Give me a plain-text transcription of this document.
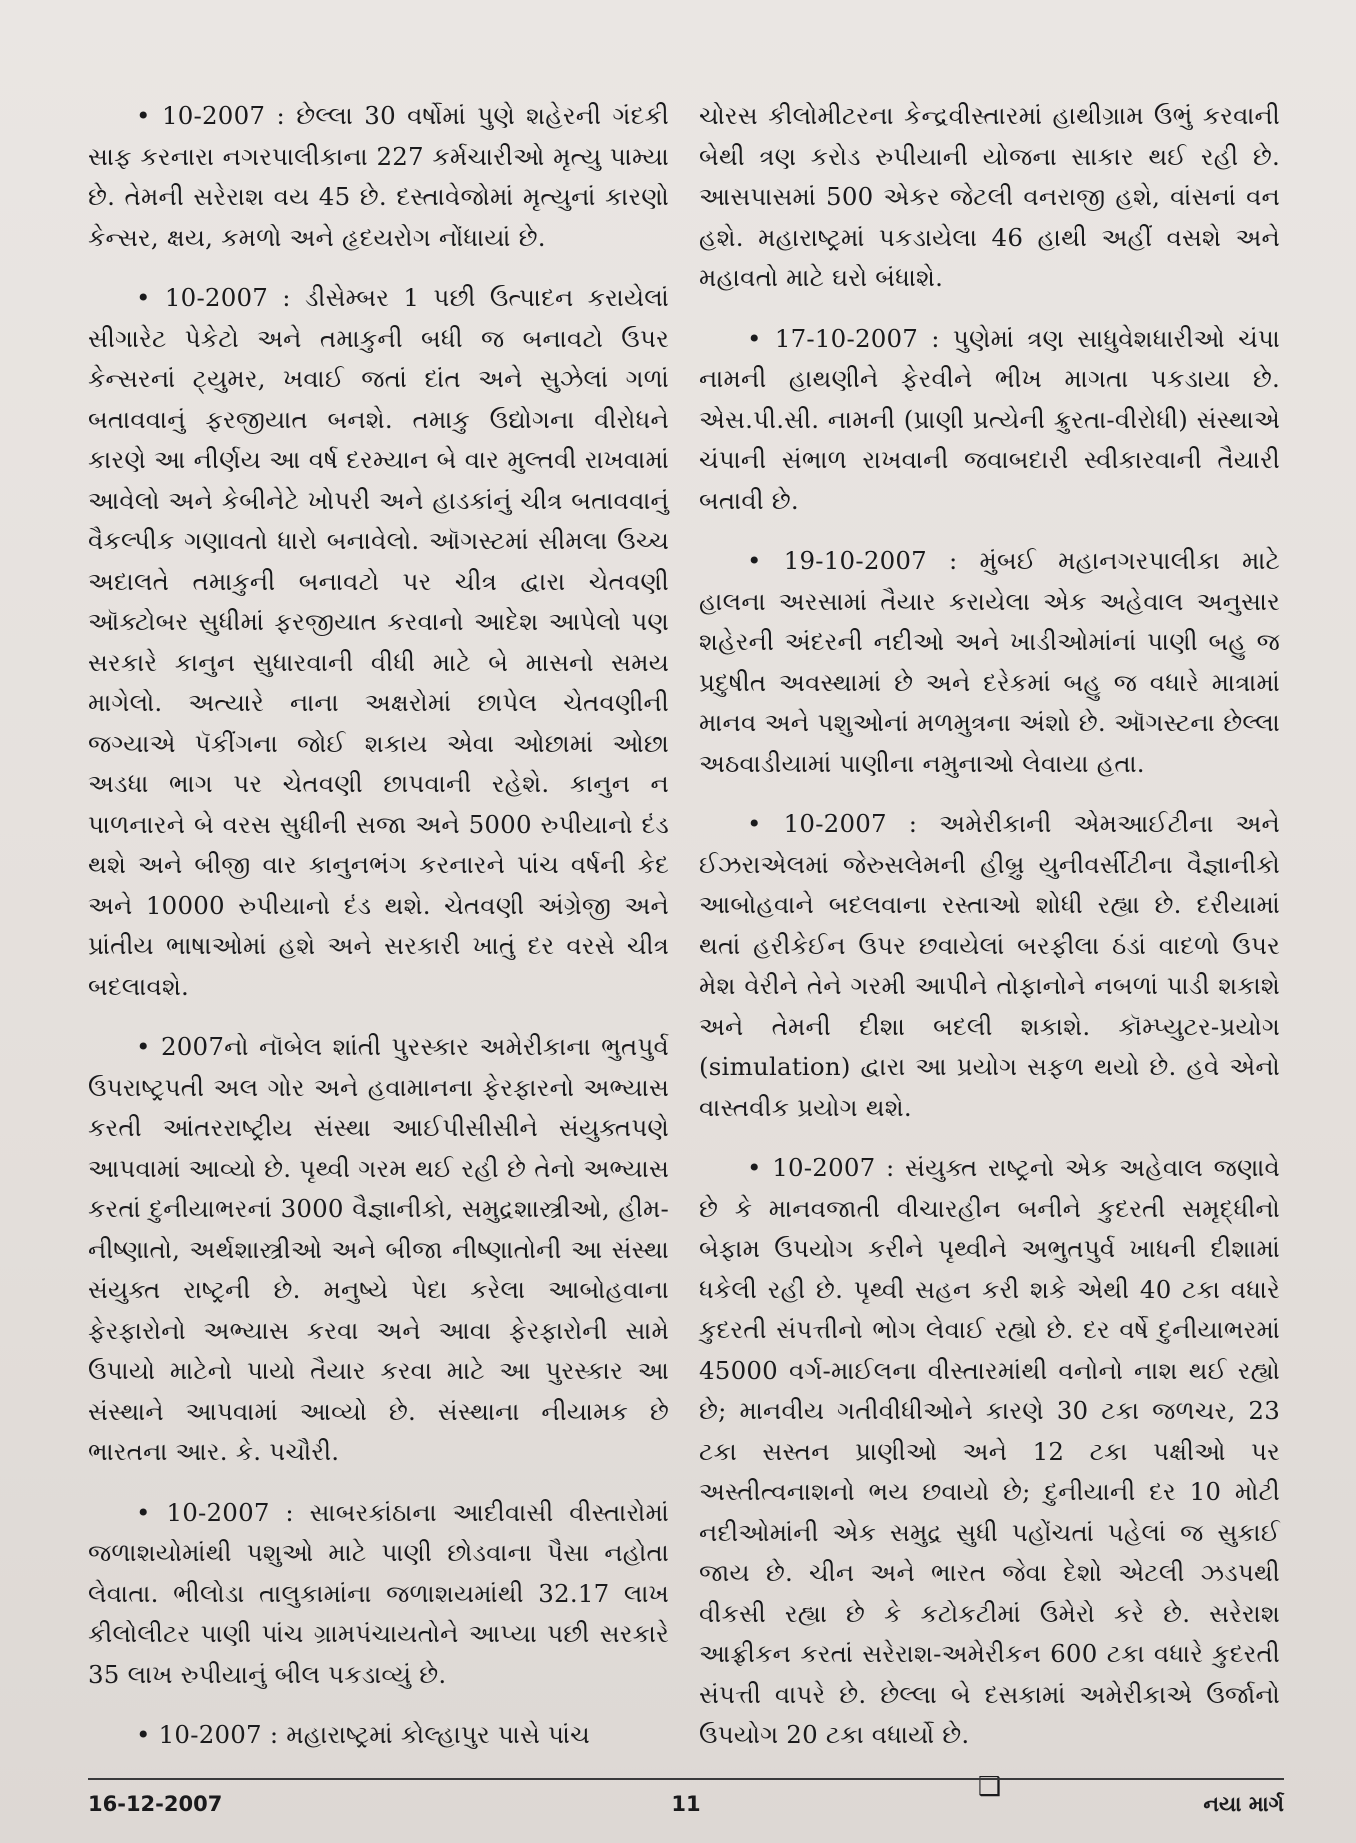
• 10-2007 : છેલ્લા 30 વર્ષોમાં પુણે શહેરની ગંદકી સાફ કરનારા નગરપાલીકાના 227 કર્મચારીઓ મૃત્યુ પામ્યા છે. તેમની સરેરાશ વય 45 છે. દસ્તાવેજોમાં મૃત્યુનાં કારણો કેન્સર, ક્ષય, કમળો અને હૃદયરોગ નોંધાયાં છે.

• 10-2007 : ડીસેમ્બર 1 પછી ઉત્પાદન કરાયેલાં સીગારેટ પેકેટો અને તમાકુની બધી જ બનાવટો ઉપર કેન્સરનાં ટ્યુમર, ખવાઈ જતાં દાંત અને સુઝેલાં ગળાં બતાવવાનું ફરજીયાત બનશે. તમાકુ ઉદ્યોગના વીરોધને કારણે આ નીર્ણય આ વર્ષ દરમ્યાન બે વાર મુલ્તવી રાખવામાં આવેલો અને કેબીનેટે ખોપરી અને હાડકાંનું ચીત્ર બતાવવાનું વૈકલ્પીક ગણાવતો ધારો બનાવેલો. ઑગસ્ટમાં સીમલા ઉચ્ચ અદાલતે તમાકુની બનાવટો પર ચીત્ર દ્વારા ચેતવણી ઑક્ટોબર સુધીમાં ફરજીયાત કરવાનો આદેશ આપેલો પણ સરકારે કાનુન સુધારવાની વીધી માટે બે માસનો સમય માગેલો. અત્યારે નાના અક્ષરોમાં છાપેલ ચેતવણીની જગ્યાએ પૅકીંગના જોઈ શકાય એવા ઓછામાં ઓછા અડધા ભાગ પર ચેતવણી છાપવાની રહેશે. કાનુન ન પાળનારને બે વરસ સુધીની સજા અને 5000 રુપીયાનો દંડ થશે અને બીજી વાર કાનુનભંગ કરનારને પાંચ વર્ષની કેદ અને 10000 રુપીયાનો દંડ થશે. ચેતવણી અંગ્રેજી અને પ્રાંતીય ભાષાઓમાં હશે અને સરકારી ખાતું દર વરસે ચીત્ર બદલાવશે.

• 2007નો નૉબેલ શાંતી પુરસ્કાર અમેરીકાના ભુતપુર્વ ઉપરાષ્ટ્રપતી અલ ગોર અને હવામાનના ફેરફારનો અભ્યાસ કરતી આંતરરાષ્ટ્રીય સંસ્થા આઈપીસીસીને સંયુક્તપણે આપવામાં આવ્યો છે. પૃથ્વી ગરમ થઈ રહી છે તેનો અભ્યાસ કરતાં દુનીયાભરનાં 3000 વૈજ્ઞાનીકો, સમુદ્રશાસ્ત્રીઓ, હીમ-નીષ્ણાતો, અર્થશાસ્ત્રીઓ અને બીજા નીષ્ણાતોની આ સંસ્થા સંયુક્ત રાષ્ટ્રની છે. મનુષ્યે પેદા કરેલા આબોહવાના ફેરફારોનો અભ્યાસ કરવા અને આવા ફેરફારોની સામે ઉપાયો માટેનો પાયો તૈયાર કરવા માટે આ પુરસ્કાર આ સંસ્થાને આપવામાં આવ્યો છે. સંસ્થાના નીયામક છે ભારતના આર. કે. પચૌરી.

• 10-2007 : સાબરકાંઠાના આદીવાસી વીસ્તારોમાં જળાશયોમાંથી પશુઓ માટે પાણી છોડવાના પૈસા નહોતા લેવાતા. ભીલોડા તાલુકામાંના જળાશયમાંથી 32.17 લાખ કીલોલીટર પાણી પાંચ ગ્રામપંચાયતોને આપ્યા પછી સરકારે 35 લાખ રુપીયાનું બીલ પકડાવ્યું છે.

• 10-2007 : મહારાષ્ટ્રમાં કોલ્હાપુર પાસે પાંચ

ચોરસ કીલોમીટરના કેન્દ્રવીસ્તારમાં હાથીગ્રામ ઉભું કરવાની બેથી ત્રણ કરોડ રુપીયાની યોજના સાકાર થઈ રહી છે. આસપાસમાં 500 એકર જેટલી વનરાજી હશે, વાંસનાં વન હશે. મહારાષ્ટ્રમાં પકડાયેલા 46 હાથી અહીં વસશે અને મહાવતો માટે ઘરો બંધાશે.

• 17-10-2007 : પુણેમાં ત્રણ સાધુવેશધારીઓ ચંપા નામની હાથણીને ફેરવીને ભીખ માગતા પકડાયા છે. એસ.પી.સી. નામની (પ્રાણી પ્રત્યેની ક્રુરતા-વીરોધી) સંસ્થાએ ચંપાની સંભાળ રાખવાની જવાબદારી સ્વીકારવાની તૈયારી બતાવી છે.

• 19-10-2007 : મુંબઈ મહાનગરપાલીકા માટે હાલના અરસામાં તૈયાર કરાયેલા એક અહેવાલ અનુસાર શહેરની અંદરની નદીઓ અને ખાડીઓમાંનાં પાણી બહુ જ પ્રદુષીત અવસ્થામાં છે અને દરેકમાં બહુ જ વધારે માત્રામાં માનવ અને પશુઓનાં મળમુત્રના અંશો છે. ઑગસ્ટના છેલ્લા અઠવાડીયામાં પાણીના નમુનાઓ લેવાયા હતા.

• 10-2007 : અમેરીકાની એમઆઈટીના અને ઈઝરાએલમાં જેરુસલેમની હીબ્રુ યુનીવર્સીટીના વૈજ્ઞાનીકો આબોહવાને બદલવાના રસ્તાઓ શોધી રહ્યા છે. દરીયામાં થતાં હરીકેઈન ઉપર છવાયેલાં બરફીલા ઠંડાં વાદળો ઉપર મેશ વેરીને તેને ગરમી આપીને તોફાનોને નબળાં પાડી શકાશે અને તેમની દીશા બદલી શકાશે. કૉમ્પ્યુટર-પ્રયોગ (simulation) દ્વારા આ પ્રયોગ સફળ થયો છે. હવે એનો વાસ્તવીક પ્રયોગ થશે.

• 10-2007 : સંયુક્ત રાષ્ટ્રનો એક અહેવાલ જણાવે છે કે માનવજાતી વીચારહીન બનીને કુદરતી સમૃદ્ધીનો બેફામ ઉપયોગ કરીને પૃથ્વીને અભુતપુર્વ ખાધની દીશામાં ધકેલી રહી છે. પૃથ્વી સહન કરી શકે એથી 40 ટકા વધારે કુદરતી સંપત્તીનો ભોગ લેવાઈ રહ્યો છે. દર વર્ષે દુનીયાભરમાં 45000 વર્ગ-માઈલના વીસ્તારમાંથી વનોનો નાશ થઈ રહ્યો છે; માનવીય ગતીવીધીઓને કારણે 30 ટકા જળચર, 23 ટકા સસ્તન પ્રાણીઓ અને 12 ટકા પક્ષીઓ પર અસ્તીત્વનાશનો ભય છવાયો છે; દુનીયાની દર 10 મોટી નદીઓમાંની એક સમુદ્ર સુધી પહોંચતાં પહેલાં જ સુકાઈ જાય છે. ચીન અને ભારત જેવા દેશો એટલી ઝડપથી વીકસી રહ્યા છે કે કટોકટીમાં ઉમેરો કરે છે. સરેરાશ આફ્રીકન કરતાં સરેરાશ-અમેરીકન 600 ટકા વધારે કુદરતી સંપત્તી વાપરે છે. છેલ્લા બે દસકામાં અમેરીકાએ ઉર્જાનો ઉપયોગ 20 ટકા વધાર્યો છે.

❑
16-12-2007	11	નયા માર્ગ
